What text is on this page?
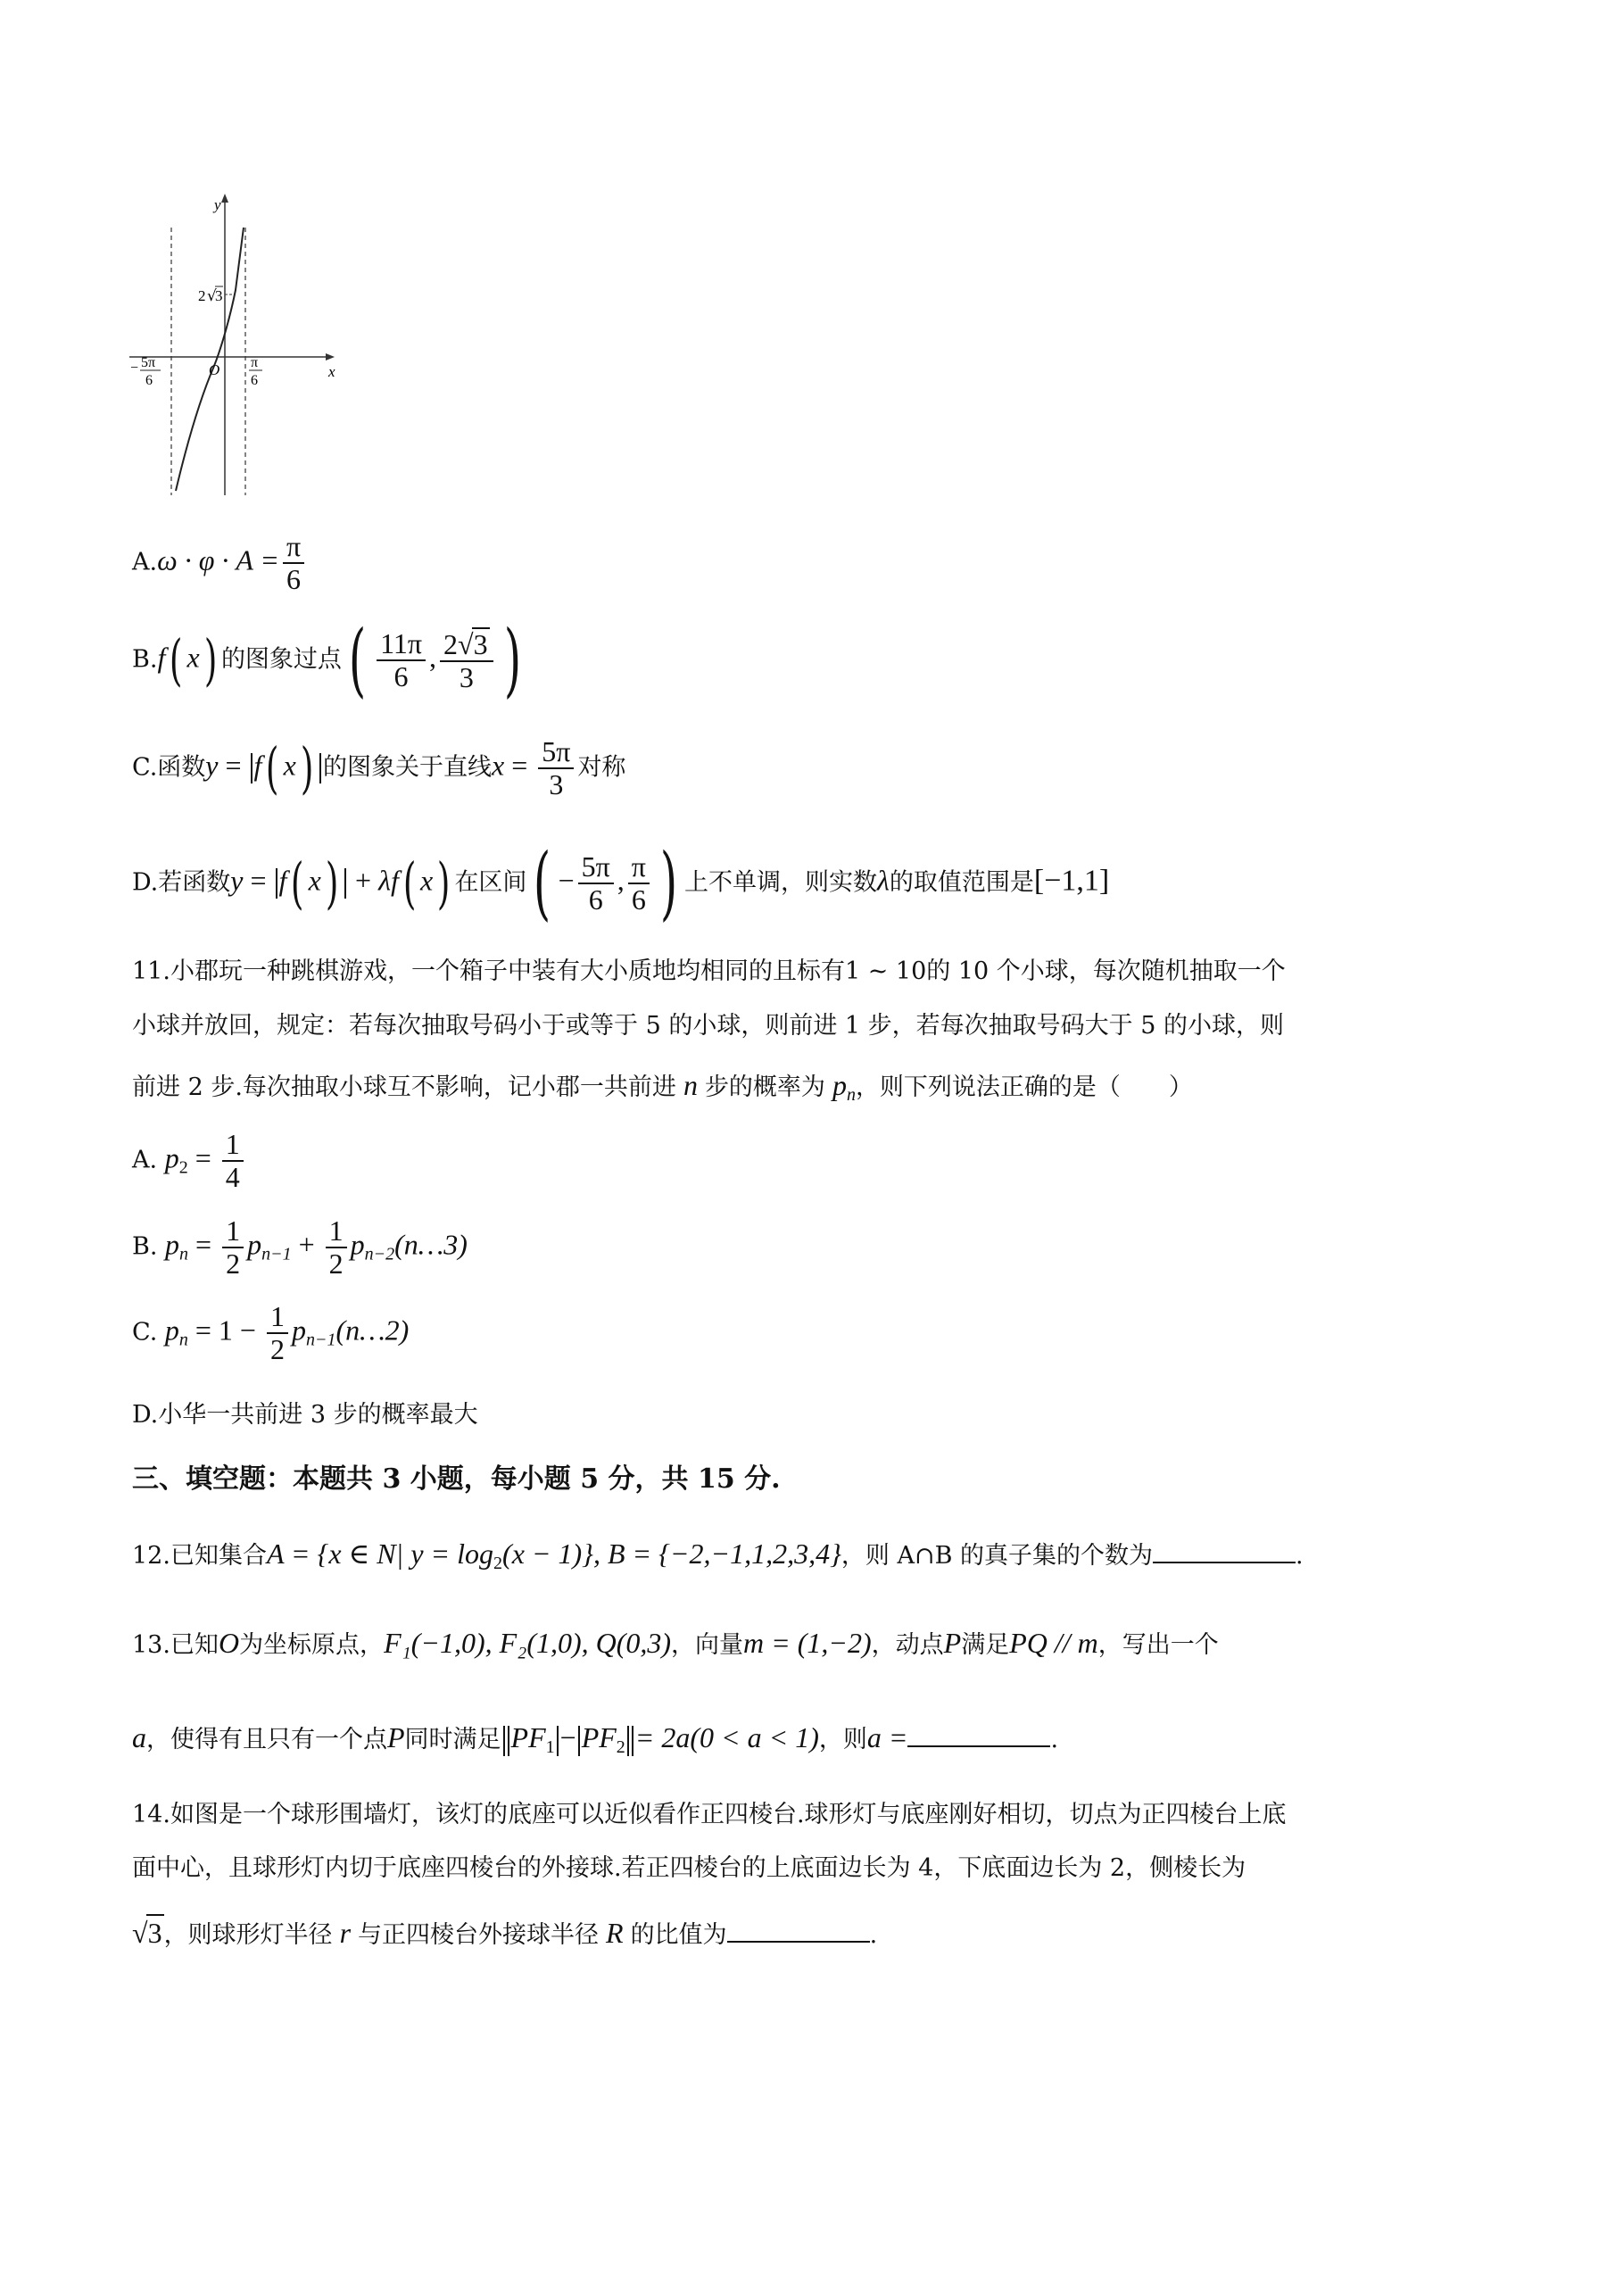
y
x
O
2 √
3
− 5π
6
π
6
$A.\omega \cdot \varphi \cdot A = \frac{\pi}{6}$
B.f( x) 的图象过点( $\frac{11\pi}{6}$ , $\frac{2√3}{3}$ )
C.函数y = f( x) 的图象关于直线$x = \frac{5\pi}{3}$ 对称
D.若函数y = f( x) + λf( x) 在区间( − $\frac{5\pi}{6}$ , $\frac{\pi}{6}$ ) 上不单调，则实数λ的取值范围是[−1,1]
11.小郡玩一种跳棋游戏，一个箱子中装有大小质地均相同的且标有1 ~ 10的 10 个小球，每次随机抽取一个
小球并放回，规定：若每次抽取号码小于或等于 5 的小球，则前进 1 步，若每次抽取号码大于 5 的小球，则
前进 2 步.每次抽取小球互不影响，记小郡一共前进 n 步的概率为 $p_n$，则下列说法正确的是（　　）
A. $p_2 = \frac{1}{4}$
B. $p_n = \frac{1}{2} p_{n-1} + \frac{1}{2}$ $p_{n-2}(n\dots 3)$
C. $p_n = 1 - \frac{1}{2}$ $p_{n-1}(n\dots 2)$
D.小华一共前进 3 步的概率最大
三、填空题：本题共 3 小题，每小题 5 分，共 15 分.
12.已知集合A = {x ∈ N| $y = \log_2(x - 1)$}, B = {−2,−1,1,2,3,4}，则 A∩B 的真子集的个数为	.
13.已知O为坐标原点，F₁(−1,0), F₂(1,0), Q(0,3)，向量m = (1,−2)，动点P满足PQ // m，写出一个
a，使得有且只有一个点P同时满足 $PF_1 - PF_2 = 2a(0 < a < 1)$，则a =	.
14.如图是一个球形围墙灯，该灯的底座可以近似看作正四棱台.球形灯与底座刚好相切，切点为正四棱台上底
面中心，且球形灯内切于底座四棱台的外接球.若正四棱台的上底面边长为 4，下底面边长为 2，侧棱长为
√3，则球形灯半径 r 与正四棱台外接球半径 R 的比值为	.
